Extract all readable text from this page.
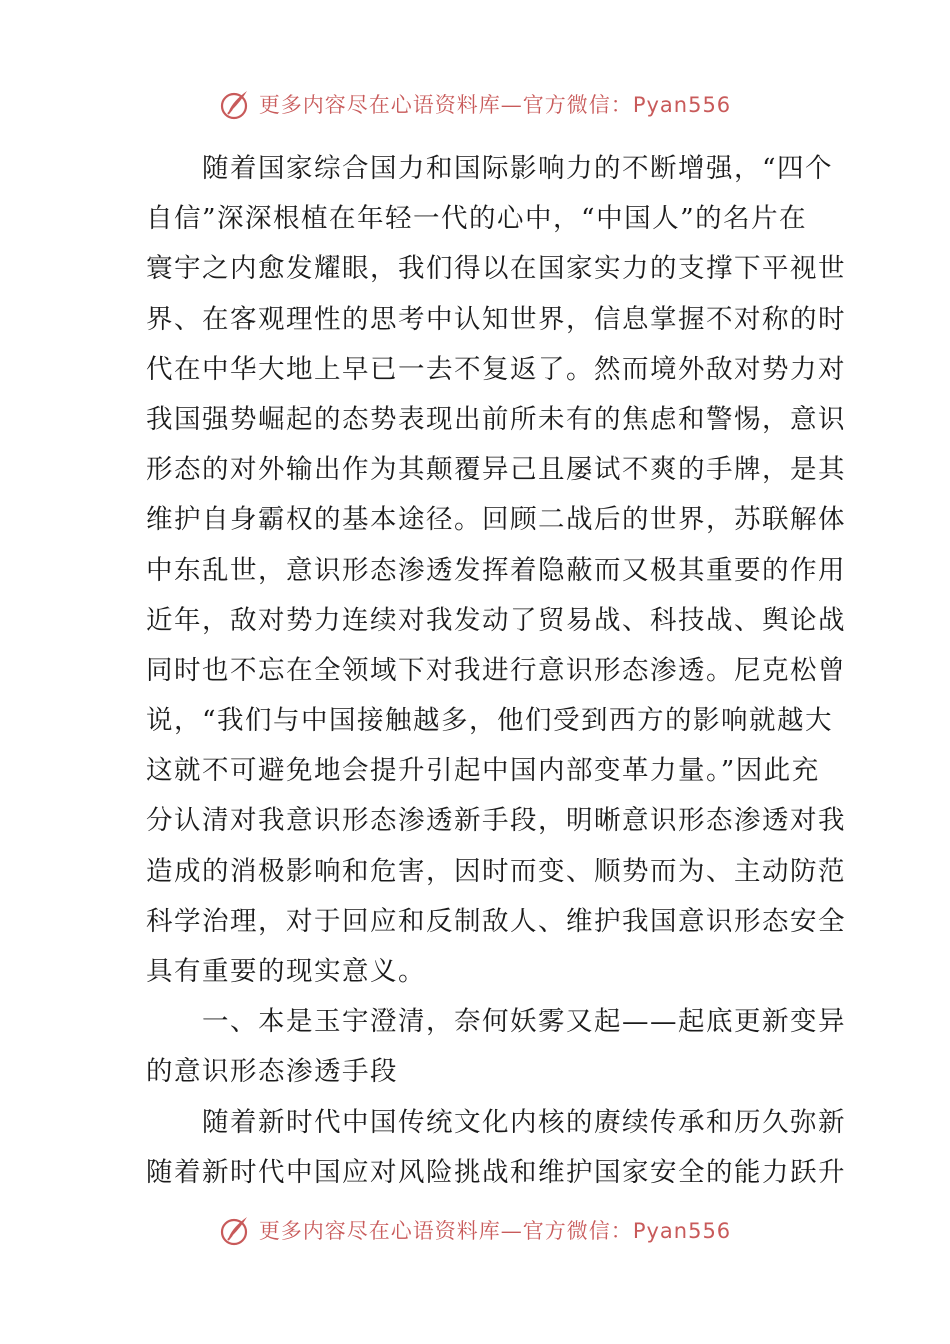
更多内容尽在心语资料库—官方微信：Pyan556

随着国家综合国力和国际影响力的不断增强，“四个
自信”深深根植在年轻一代的心中，“中国人”的名片在
寰宇之内愈发耀眼，我们得以在国家实力的支撑下平视世
界、在客观理性的思考中认知世界，信息掌握不对称的时
代在中华大地上早已一去不复返了。然而境外敌对势力对
我国强势崛起的态势表现出前所未有的焦虑和警惕，意识
形态的对外输出作为其颠覆异己且屡试不爽的手牌，是其
维护自身霸权的基本途径。回顾二战后的世界，苏联解体
中东乱世，意识形态渗透发挥着隐蔽而又极其重要的作用
近年，敌对势力连续对我发动了贸易战、科技战、舆论战
同时也不忘在全领域下对我进行意识形态渗透。尼克松曾
说，“我们与中国接触越多，他们受到西方的影响就越大
这就不可避免地会提升引起中国内部变革力量。”因此充
分认清对我意识形态渗透新手段，明晰意识形态渗透对我
造成的消极影响和危害，因时而变、顺势而为、主动防范
科学治理，对于回应和反制敌人、维护我国意识形态安全
具有重要的现实意义。

一、本是玉宇澄清，奈何妖雾又起——起底更新变异
的意识形态渗透手段

随着新时代中国传统文化内核的赓续传承和历久弥新
随着新时代中国应对风险挑战和维护国家安全的能力跃升

更多内容尽在心语资料库—官方微信：Pyan556
